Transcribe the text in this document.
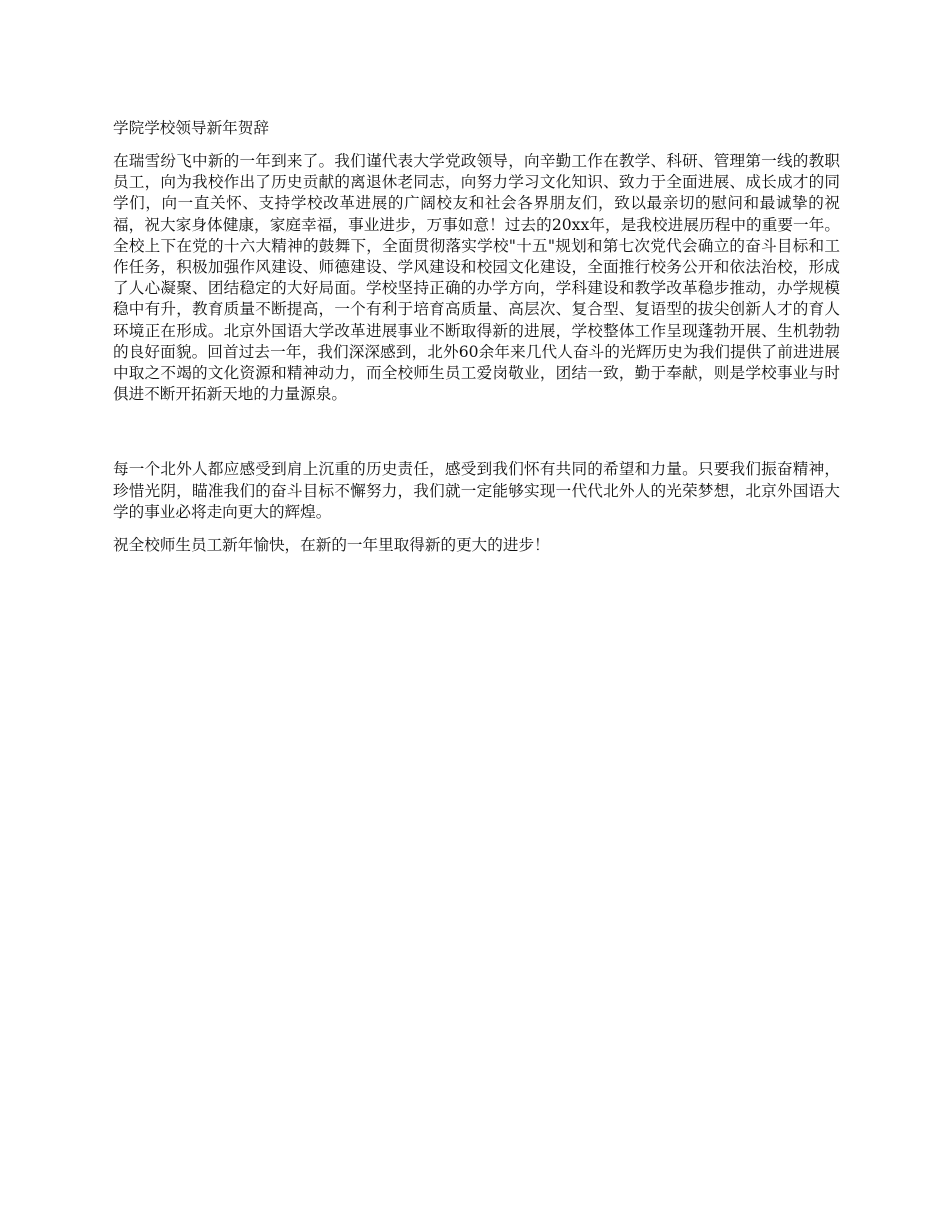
学院学校领导新年贺辞

在瑞雪纷飞中新的一年到来了。我们谨代表大学党政领导，向辛勤工作在教学、科研、管理第一线的教职员工，向为我校作出了历史贡献的离退休老同志，向努力学习文化知识、致力于全面进展、成长成才的同学们，向一直关怀、支持学校改革进展的广阔校友和社会各界朋友们，致以最亲切的慰问和最诚挚的祝福，祝大家身体健康，家庭幸福，事业进步，万事如意！过去的20xx年，是我校进展历程中的重要一年。全校上下在党的十六大精神的鼓舞下，全面贯彻落实学校"十五"规划和第七次党代会确立的奋斗目标和工作任务，积极加强作风建设、师德建设、学风建设和校园文化建设，全面推行校务公开和依法治校，形成了人心凝聚、团结稳定的大好局面。学校坚持正确的办学方向，学科建设和教学改革稳步推动，办学规模稳中有升，教育质量不断提高，一个有利于培育高质量、高层次、复合型、复语型的拔尖创新人才的育人环境正在形成。北京外国语大学改革进展事业不断取得新的进展，学校整体工作呈现蓬勃开展、生机勃勃的良好面貌。回首过去一年，我们深深感到，北外60余年来几代人奋斗的光辉历史为我们提供了前进进展中取之不竭的文化资源和精神动力，而全校师生员工爱岗敬业，团结一致，勤于奉献，则是学校事业与时俱进不断开拓新天地的力量源泉。

每一个北外人都应感受到肩上沉重的历史责任，感受到我们怀有共同的希望和力量。只要我们振奋精神，珍惜光阴，瞄准我们的奋斗目标不懈努力，我们就一定能够实现一代代北外人的光荣梦想，北京外国语大学的事业必将走向更大的辉煌。

祝全校师生员工新年愉快，在新的一年里取得新的更大的进步！
